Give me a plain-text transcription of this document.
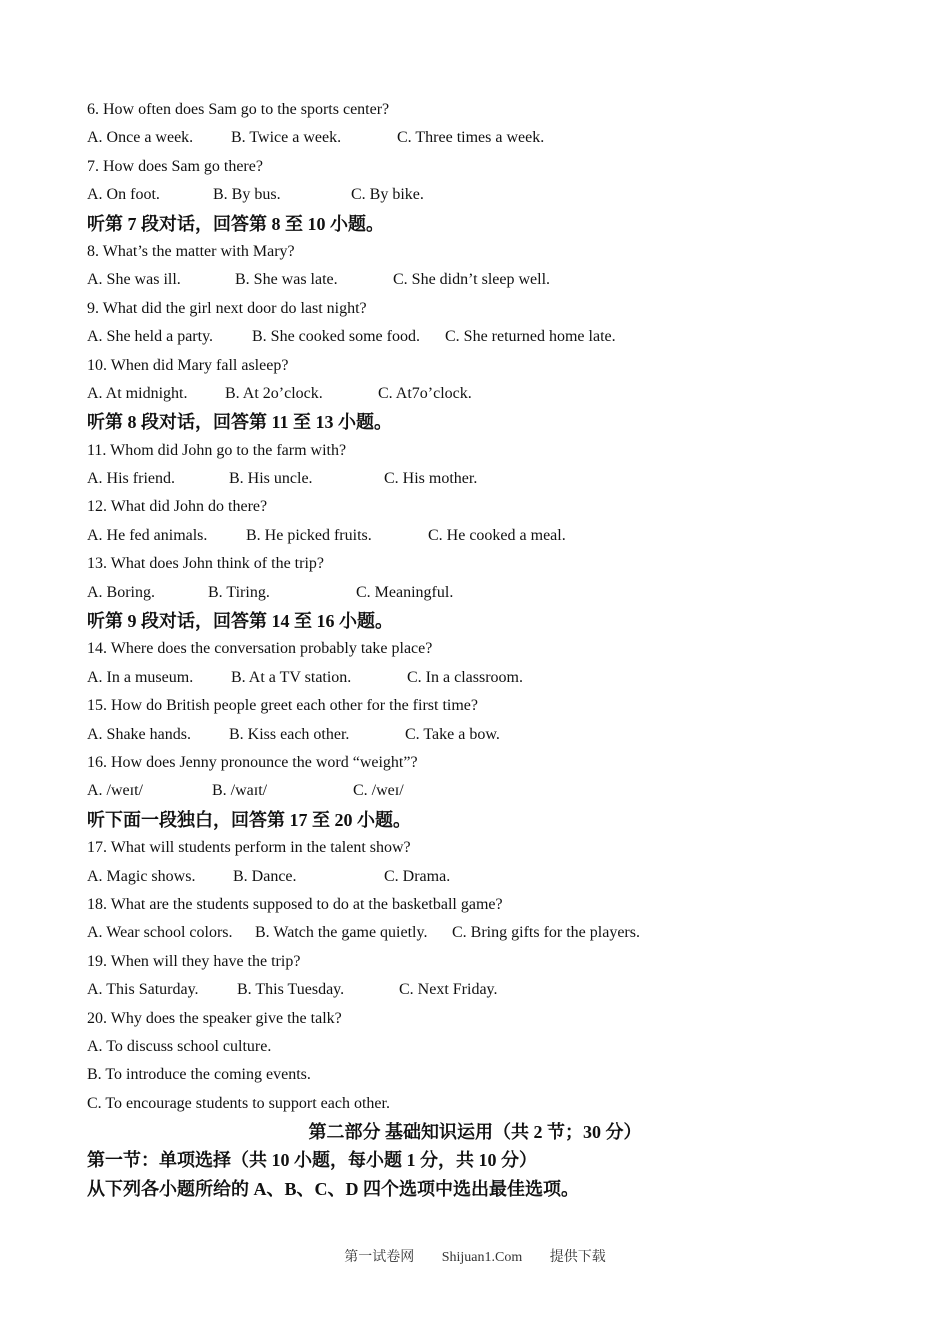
6. How often does Sam go to the sports center?
A. Once a week. B. Twice a week.	C. Three times a week.
7. How does Sam go there?
A. On foot.	B. By bus.	C. By bike.
听第 7 段对话，回答第 8 至 10 小题。
8. What’s the matter with Mary?
A. She was ill.	B. She was late.	C. She didn’t sleep well.
9. What did the girl next door do last night?
A. She held a party. B. She cooked some food. C. She returned home late.
10. When did Mary fall asleep?
A. At midnight. B. At 2o’clock.	C. At7o’clock.
听第 8 段对话，回答第 11 至 13 小题。
11. Whom did John go to the farm with?
A. His friend.	B. His uncle.	C. His mother.
12. What did John do there?
A. He fed animals. B. He picked fruits.	C. He cooked a meal.
13. What does John think of the trip?
A. Boring.	B. Tiring.	C. Meaningful.
听第 9 段对话，回答第 14 至 16 小题。
14. Where does the conversation probably take place?
A. In a museum. B. At a TV station.	C. In a classroom.
15. How do British people greet each other for the first time?
A. Shake hands. B. Kiss each other.	C. Take a bow.
16. How does Jenny pronounce the word “weight”?
A. /weɪt/	B. /waɪt/	C. /weɪ/
听下面一段独白，回答第 17 至 20 小题。
17. What will students perform in the talent show?
A. Magic shows. B. Dance.	C. Drama.
18. What are the students supposed to do at the basketball game?
A. Wear school colors. B. Watch the game quietly. C. Bring gifts for the players.
19. When will they have the trip?
A. This Saturday. B. This Tuesday.	C. Next Friday.
20. Why does the speaker give the talk?
A. To discuss school culture.
B. To introduce the coming events.
C. To encourage students to support each other.
第二部分 基础知识运用（共 2 节；30 分）
第一节：单项选择（共 10 小题，每小题 1 分，共 10 分）
从下列各小题所给的 A、B、C、D 四个选项中选出最佳选项。
第一试卷网 Shijuan1.Com 提供下载
